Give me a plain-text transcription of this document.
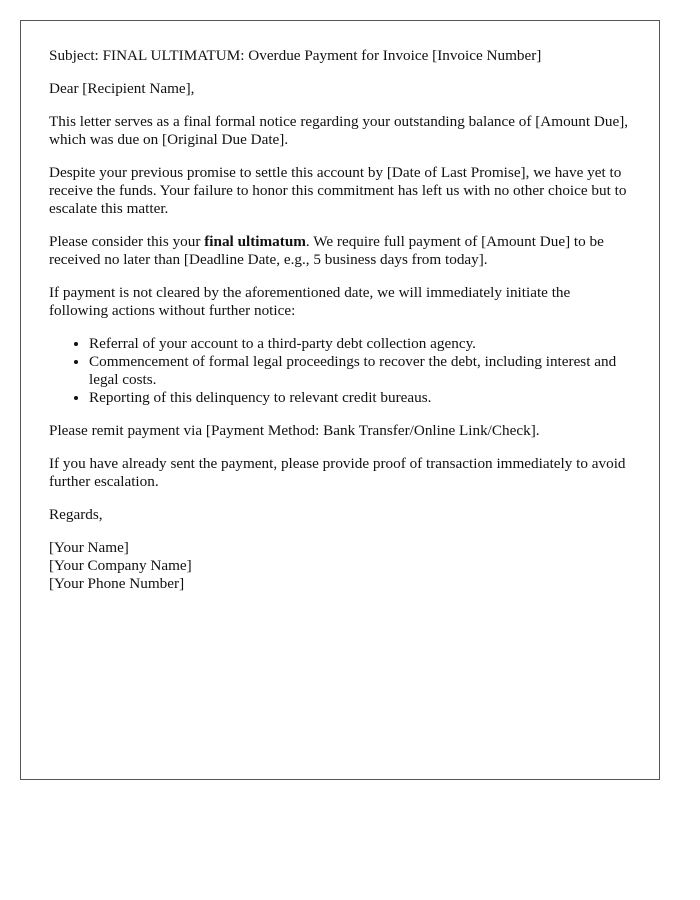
Subject: FINAL ULTIMATUM: Overdue Payment for Invoice [Invoice Number]

Dear [Recipient Name],

This letter serves as a final formal notice regarding your outstanding balance of [Amount Due], which was due on [Original Due Date].

Despite your previous promise to settle this account by [Date of Last Promise], we have yet to receive the funds. Your failure to honor this commitment has left us with no other choice but to escalate this matter.

Please consider this your final ultimatum. We require full payment of [Amount Due] to be received no later than [Deadline Date, e.g., 5 business days from today].

If payment is not cleared by the aforementioned date, we will immediately initiate the following actions without further notice:

• Referral of your account to a third-party debt collection agency.
• Commencement of formal legal proceedings to recover the debt, including interest and legal costs.
• Reporting of this delinquency to relevant credit bureaus.

Please remit payment via [Payment Method: Bank Transfer/Online Link/Check].

If you have already sent the payment, please provide proof of transaction immediately to avoid further escalation.

Regards,

[Your Name]
[Your Company Name]
[Your Phone Number]
